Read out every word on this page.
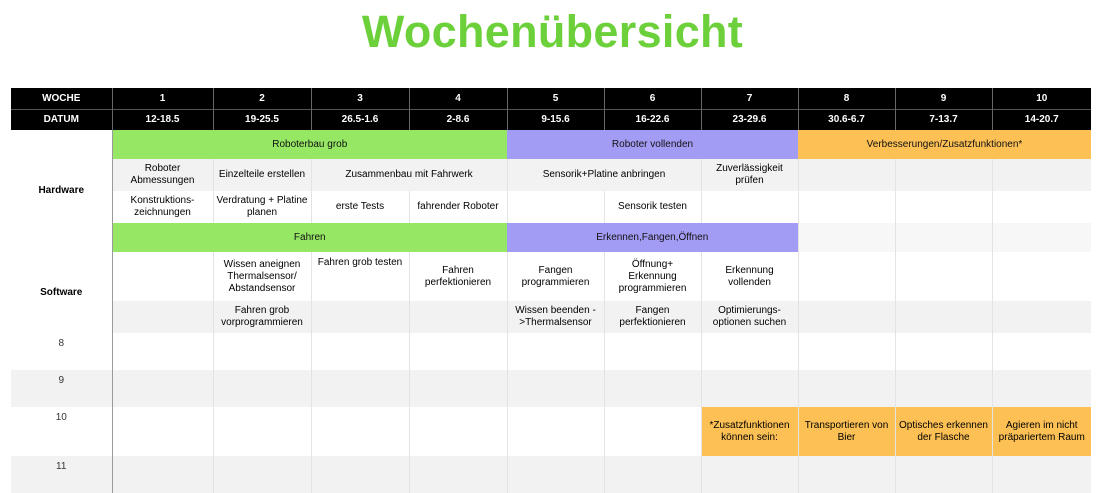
Wochenübersicht
WOCHE	1	2	3	4	5	6	7	8	9	10
DATUM	12-18.5	19-25.5	26.5-1.6	2-8.6	9-15.6	16-22.6	23-29.6	30.6-6.7	7-13.7	14-20.7
	Roboterbau grob				Roboter vollenden			Verbesserungen/Zusatzfunktionen*		
Hardware	Roboter Abmessungen	Einzelteile erstellen	Zusammenbau mit Fahrwerk		Sensorik+Platine anbringen		Zuverlässigkeit prüfen			
	Konstruktions-zeichnungen	Verdratung + Platine planen	erste Tests	fahrender Roboter		Sensorik testen				
	Fahren				Erkennen,Fangen,Öffnen					
Software		Wissen aneignen Thermalsensor/ Abstandsensor	Fahren grob testen	Fahren perfektionieren	Fangen programmieren	Öffnung+ Erkennung programmieren	Erkennung vollenden			
		Fahren grob vorprogrammieren			Wissen beenden ->Thermalsensor	Fangen perfektionieren	Optimierungs-optionen suchen			
8										
9										
10							*Zusatzfunktionen können sein:	Transportieren von Bier	Optisches erkennen der Flasche	Agieren im nicht präpariertem Raum
11										
